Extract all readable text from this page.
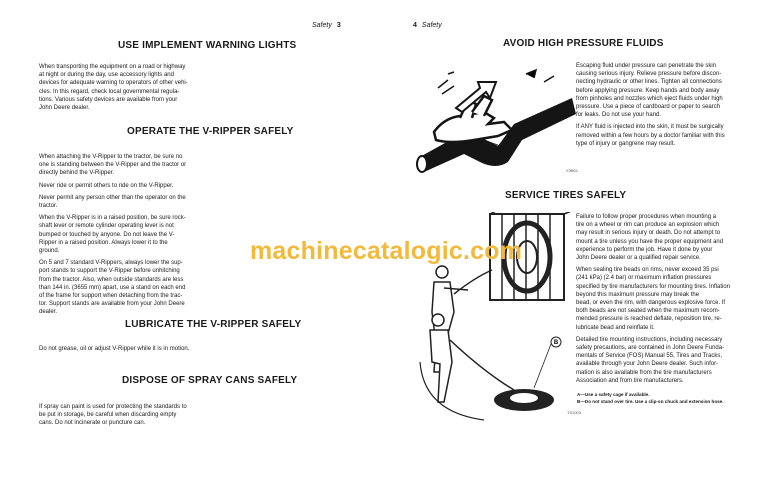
Safety 3
USE IMPLEMENT WARNING LIGHTS
When transporting the equipment on a road or highway
at night or during the day, use accessory lights and
devices for adequate warning to operators of other vehi-
cles. In this regard, check local governmental regula-
tions. Various safety devices are available from your
John Deere dealer.
OPERATE THE V-RIPPER SAFELY
When attaching the V-Ripper to the tractor, be sure no
one is standing between the V-Ripper and the tractor or
directly behind the V-Ripper.
Never ride or permit others to ride on the V-Ripper.
Never permit any person other than the operator on the
tractor.
When the V-Ripper is in a raised position, be sure rock-
shaft lever or remote cylinder operating lever is not
bumped or touched by anyone. Do not leave the V-
Ripper in a raised position. Always lower it to the
ground.
On 5 and 7 standard V-Rippers, always lower the sup-
port stands to support the V-Ripper before unhitching
from the tractor. Also, when outside standards are less
than 144 in. (3655 mm) apart, use a stand on each end
of the frame for support when detaching from the trac-
tor. Support stands are available from your John Deere
dealer.
LUBRICATE THE V-RIPPER SAFELY
Do not grease, oil or adjust V-Ripper while it is in motion.
DISPOSE OF SPRAY CANS SAFELY
If spray can paint is used for protecting the standards to
be put in storage, be careful when discarding empty
cans. Do not incinerate or puncture can.
4 Safety
AVOID HIGH PRESSURE FLUIDS
X3B01
Escaping fluid under pressure can penetrate the skin
causing serious injury. Relieve pressure before discon-
necting hydraulic or other lines. Tighten all connections
before applying pressure. Keep hands and body away
from pinholes and nozzles which eject fluids under high
pressure. Use a piece of cardboard or paper to search
for leaks. Do not use your hand.
If ANY fluid is injected into the skin, it must be surgically
removed within a few hours by a doctor familiar with this
type of injury or gangrene may result.
SERVICE TIRES SAFELY
B
TS1003
Failure to follow proper procedures when mounting a
tire on a wheel or rim can produce an explosion which
may result in serious injury or death. Do not attempt to
mount a tire unless you have the proper equipment and
experience to perform the job. Have it done by your
John Deere dealer or a qualified repair service.
When sealing tire beads on rims, never exceed 35 psi
(241 kPa) (2.4 bar) or maximum inflation pressures
specified by tire manufacturers for mounting tires. Inflation
beyond this maximum pressure may break the
bead, or even the rim, with dangerous explosive force. If
both beads are not seated when the maximum recom-
mended pressure is reached deflate, reposition tire, re-
lubricate bead and reinflate it.
Detailed tire mounting instructions, including necessary
safety precautions, are contained in John Deere Funda-
mentals of Service (FOS) Manual 55, Tires and Tracks,
available through your John Deere dealer. Such infor-
mation is also available from the tire manufacturers
Association and from tire manufacturers.
A—Use a safety cage if available.
B—Do not stand over tire. Use a clip-on chuck and extension hose.
machinecatalogic.com
